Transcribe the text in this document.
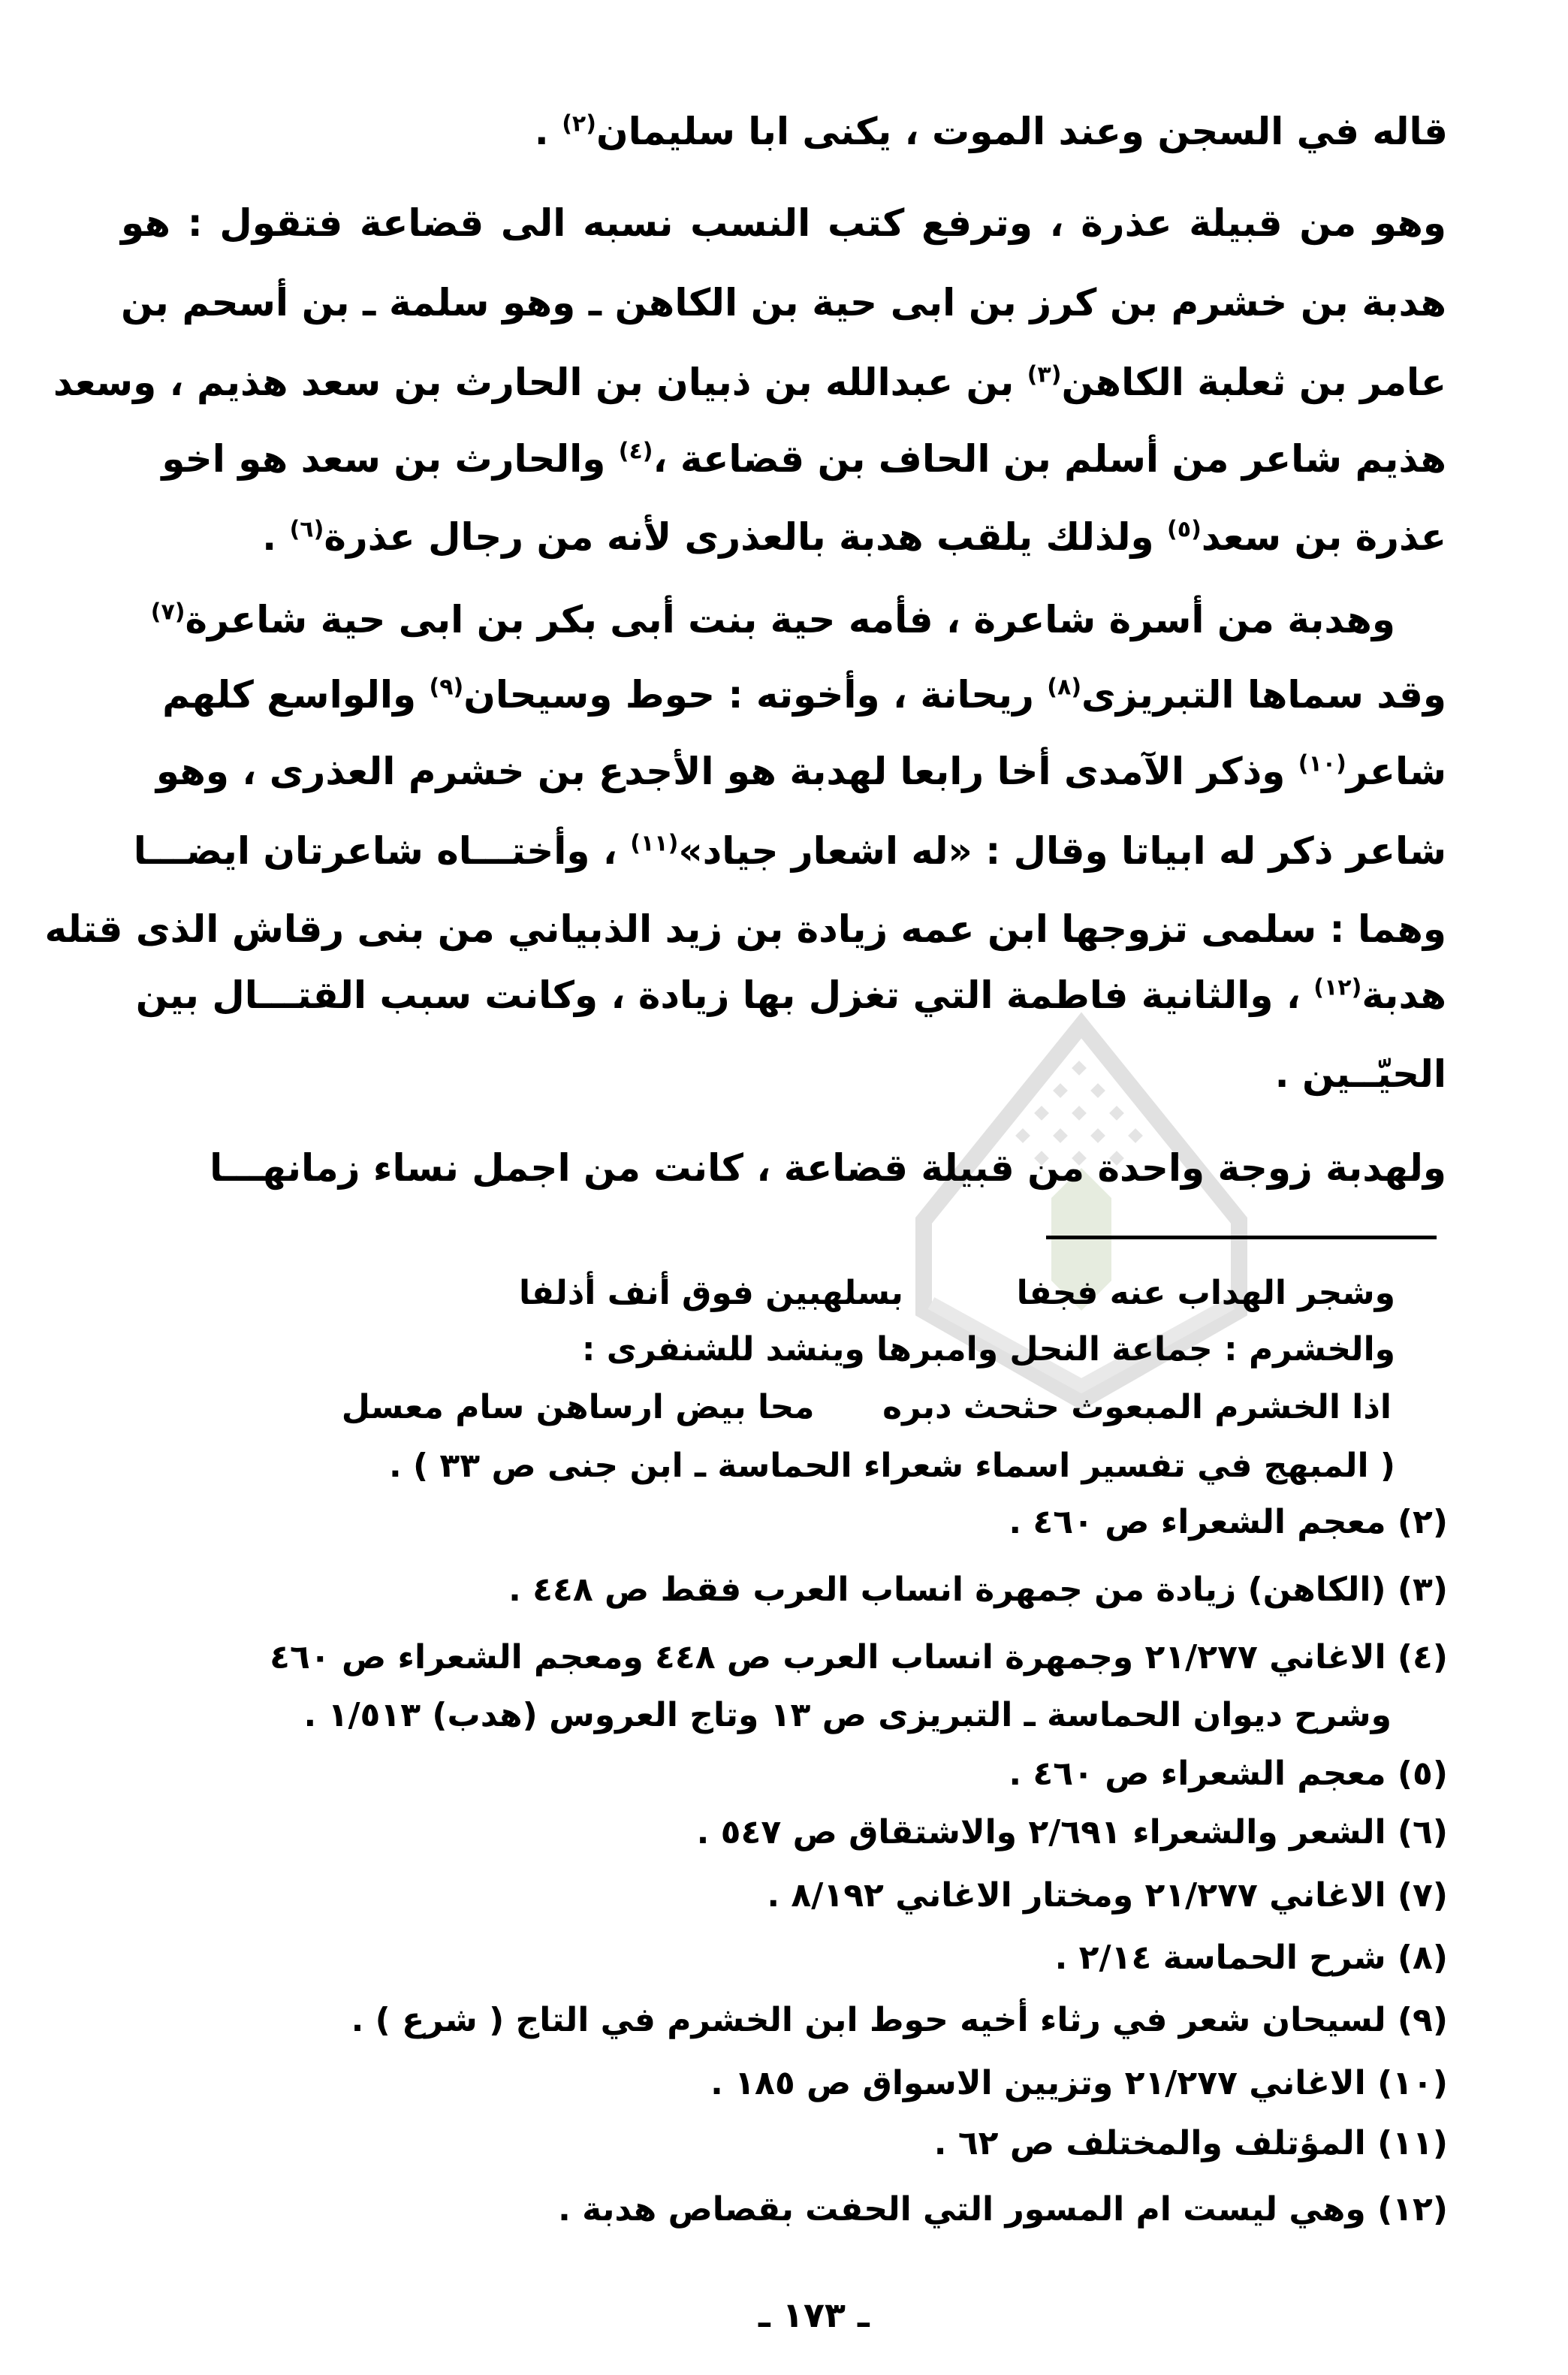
قاله في السجن وعند الموت ، يكنى ابا سليمان$^{(٢)}$ .
وهو من قبيلة عذرة ، وترفع كتب النسب نسبه الى قضاعة فتقول : هو
هدبة بن خشرم بن كرز بن ابى حية بن الكاهن ـ وهو سلمة ـ بن أسحم بن
عامر بن ثعلبة الكاهن$^{(٣)}$ بن عبدالله بن ذبيان بن الحارث بن سعد هذيم ، وسعد
هذيم شاعر من أسلم بن الحاف بن قضاعة ،$^{(٤)}$ والحارث بن سعد هو اخو
عذرة بن سعد$^{(٥)}$ ولذلك يلقب هدبة بالعذرى لأنه من رجال عذرة$^{(٦)}$ .
وهدبة من أسرة شاعرة ، فأمه حية بنت أبى بكر بن ابى حية شاعرة$^{(٧)}$
وقد سماها التبريزى$^{(٨)}$ ريحانة ، وأخوته : حوط وسيحان$^{(٩)}$ والواسع كلهم
شاعر$^{(١٠)}$ وذكر الآمدى أخا رابعا لهدبة هو الأجدع بن خشرم العذرى ، وهو
شاعر ذكر له ابياتا وقال : «له اشعار جياد»$^{(١١)}$ ، وأختـــاه شاعرتان ايضـــا
وهما : سلمى تزوجها ابن عمه زيادة بن زيد الذبياني من بنى رقاش الذى قتله
هدبة$^{(١٢)}$ ، والثانية فاطمة التي تغزل بها زيادة ، وكانت سبب القتـــال بين
الحيّــين .
ولهدبة زوجة واحدة من قبيلة قضاعة ، كانت من اجمل نساء زمانهـــا
وشجر الهداب عنه فجفا  بسلهبين فوق أنف أذلفا
والخشرم : جماعة النحل وامبرها وينشد للشنفرى :
اذا الخشرم المبعوث حثحث دبره  محا بيض ارساهن سام معسل
( المبهج في تفسير اسماء شعراء الحماسة ـ ابن جنى ص ٣٣ ) .
(٢) معجم الشعراء ص ٤٦٠ .
(٣) (الكاهن) زيادة من جمهرة انساب العرب فقط ص ٤٤٨ .
(٤) الاغاني ٢١/٢٧٧ وجمهرة انساب العرب ص ٤٤٨ ومعجم الشعراء ص ٤٦٠
وشرح ديوان الحماسة ـ التبريزى ص ١٣ وتاج العروس (هدب) ١/٥١٣ .
(٥) معجم الشعراء ص ٤٦٠ .
(٦) الشعر والشعراء ٢/٦٩١ والاشتقاق ص ٥٤٧ .
(٧) الاغاني ٢١/٢٧٧ ومختار الاغاني ٨/١٩٢ .
(٨) شرح الحماسة ٢/١٤ .
(٩) لسيحان شعر في رثاء أخيه حوط ابن الخشرم في التاج ( شرع ) .
(١٠) الاغاني ٢١/٢٧٧ وتزيين الاسواق ص ١٨٥ .
(١١) المؤتلف والمختلف ص ٦٢ .
(١٢) وهي ليست ام المسور التي الحفت بقصاص هدبة .
ـ ١٧٣ ـ
